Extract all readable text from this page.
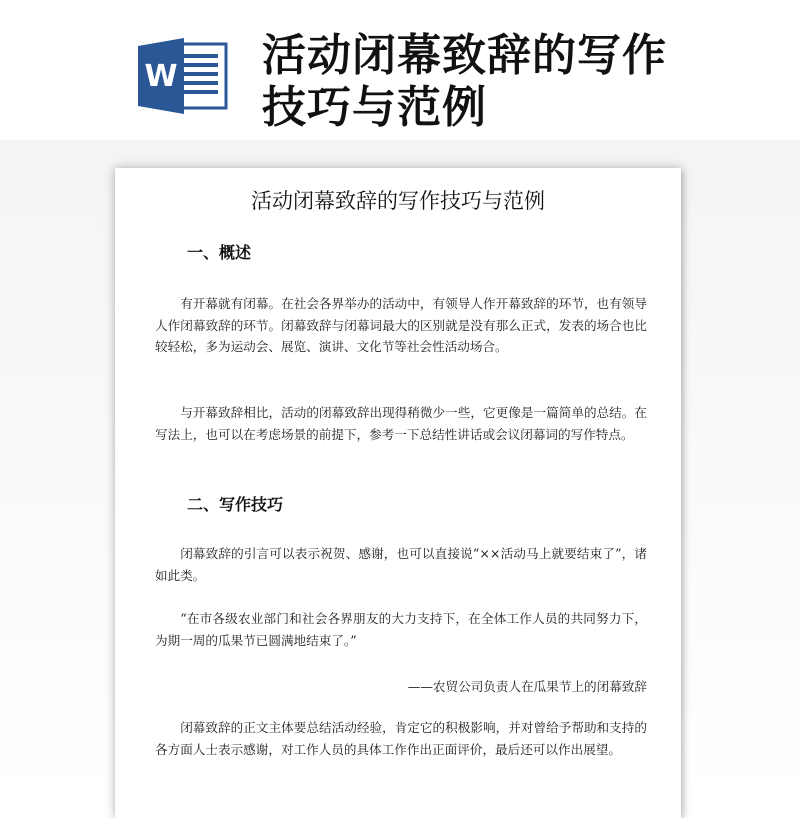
W 活动闭幕致辞的写作
技巧与范例
活动闭幕致辞的写作技巧与范例
一、概述

有开幕就有闭幕。在社会各界举办的活动中，有领导人作开幕致辞的环节，也有领导人作闭幕致辞的环节。闭幕致辞与闭幕词最大的区别就是没有那么正式，发表的场合也比较轻松，多为运动会、展览、演讲、文化节等社会性活动场合。

与开幕致辞相比，活动的闭幕致辞出现得稍微少一些，它更像是一篇简单的总结。在写法上，也可以在考虑场景的前提下，参考一下总结性讲话或会议闭幕词的写作特点。

二、写作技巧

闭幕致辞的引言可以表示祝贺、感谢，也可以直接说“××活动马上就要结束了”，诸如此类。

“在市各级农业部门和社会各界朋友的大力支持下，在全体工作人员的共同努力下，为期一周的瓜果节已圆满地结束了。”

——农贸公司负责人在瓜果节上的闭幕致辞

闭幕致辞的正文主体要总结活动经验，肯定它的积极影响，并对曾给予帮助和支持的各方面人士表示感谢，对工作人员的具体工作作出正面评价，最后还可以作出展望。
